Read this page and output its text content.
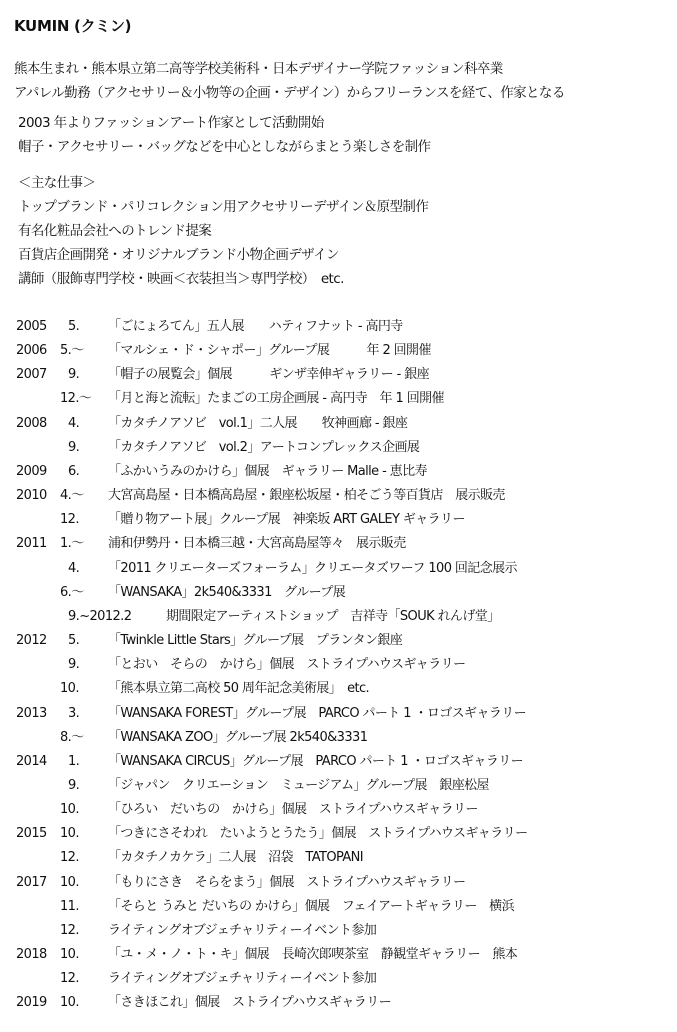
KUMIN (クミン)
熊本生まれ・熊本県立第二高等学校美術科・日本デザイナー学院ファッション科卒業
アパレル勤務（アクセサリー＆小物等の企画・デザイン）からフリーランスを経て、作家となる
2003 年よりファッションアート作家として活動開始
帽子・アクセサリー・バッグなどを中心としながらまとう楽しさを制作
＜主な仕事＞
トップブランド・パリコレクション用アクセサリーデザイン＆原型制作
有名化粧品会社へのトレンド提案
百貨店企画開発・オリジナルブランド小物企画デザイン
講師（服飾専門学校・映画＜衣装担当＞専門学校）　etc.
2005	5. 「ごにょろてん」五人展　　ハティフナット - 高円寺
2006	5.〜 「マルシェ・ド・シャポー」グループ展　　　年 2 回開催
2007	9. 「帽子の展覧会」個展　　　ギンザ幸伸ギャラリー - 銀座
12.〜 「月と海と流転」たまごの工房企画展 - 高円寺　年 1 回開催
2008	4. 「カタチノアソビ　vol.1」二人展　　牧神画廊 - 銀座
9. 「カタチノアソビ　vol.2」アートコンプレックス企画展
2009	6. 「ふかいうみのかけら」個展　ギャラリー Malle - 恵比寿
2010	4.〜 大宮高島屋・日本橋高島屋・銀座松坂屋・柏そごう等百貨店　展示販売
12. 「贈り物アート展」クループ展　神楽坂 ART GALEY ギャラリー
2011	1.〜 浦和伊勢丹・日本橋三越・大宮高島屋等々　展示販売
4. 「2011 クリエーターズフォーラム」クリエータズワーフ 100 回記念展示
6.〜 「WANSAKA」2k540&3331　グループ展
9.~2012.2	期間限定アーティストショップ　吉祥寺「SOUK れんげ堂」
2012	5. 「Twinkle Little Stars」グループ展　プランタン銀座
9. 「とおい　そらの　かけら」個展　ストライプハウスギャラリー
10. 「熊本県立第二高校 50 周年記念美術展」　etc.
2013	3. 「WANSAKA FOREST」グループ展　PARCO パート 1 ・ロゴスギャラリー
8.〜 「WANSAKA ZOO」グループ展 2k540&3331
2014	1. 「WANSAKA CIRCUS」グループ展　PARCO パート 1 ・ロゴスギャラリー
9. 「ジャパン　クリエーション　ミュージアム」グループ展　銀座松屋
10. 「ひろい　だいちの　かけら」個展　ストライプハウスギャラリー
2015	10. 「つきにさそわれ　たいようとうたう」個展　ストライプハウスギャラリー
12. 「カタチノカケラ」二人展　沼袋　TATOPANI
2017	10. 「もりにさき　そらをまう」個展　ストライプハウスギャラリー
11. 「そらと うみと だいちの かけら」個展　フェイアートギャラリー　横浜
12. ライティングオブジェチャリティーイベント参加
2018	10. 「ユ・メ・ノ・ト・キ」個展　長崎次郎喫茶室　静観堂ギャラリー　熊本
12. ライティングオブジェチャリティーイベント参加
2019	10. 「さきほこれ」個展　ストライプハウスギャラリー
